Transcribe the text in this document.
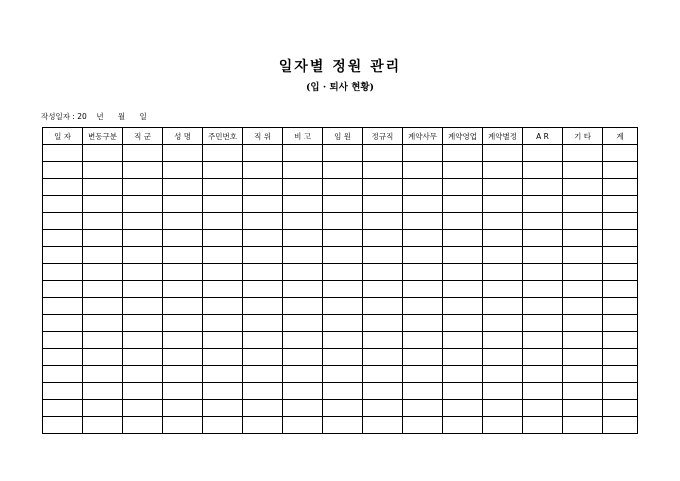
일자별 정원 관리
(입 · 퇴사 현황)
작성일자 : 20    년      월      일
일 자	변동구분	직 군	성 명	주민번호	직 위	비 고	임 원	정규직	계약사무	계약영업	계약별정	A R	기 타	계
